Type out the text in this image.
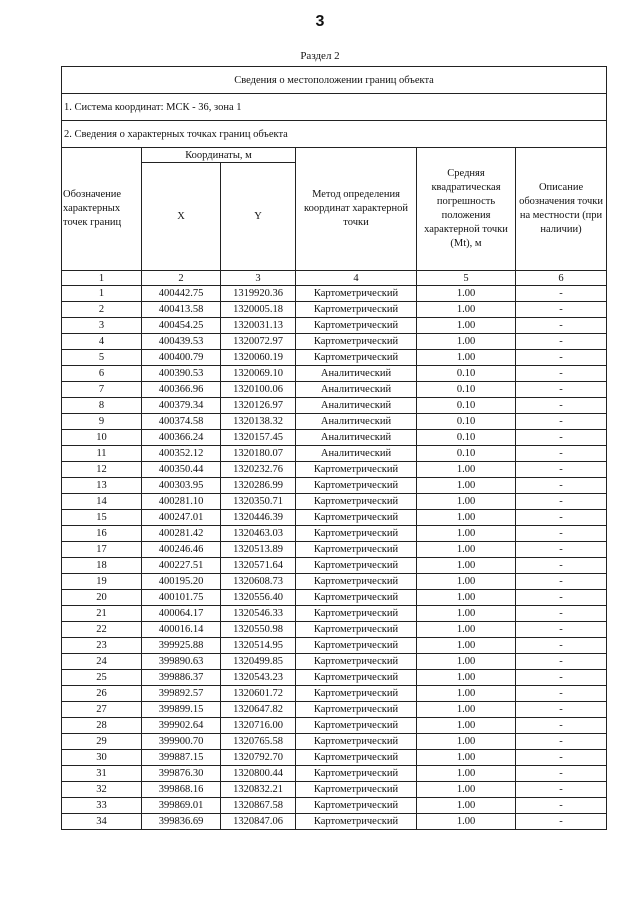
3
Раздел 2
Сведения о местоположении границ объекта					
1. Система координат: МСК - 36, зона 1					
2. Сведения о характерных точках границ объекта					
Обозначение характерных точек границ	Координаты, м		Метод определения координат характерной точки	Средняя квадратическая погрешность положения характерной точки (Mt), м	Описание обозначения точки на местности (при наличии)
	X	Y			
1	2	3	4	5	6
1	400442.75	1319920.36	Картометрический	1.00	-
2	400413.58	1320005.18	Картометрический	1.00	-
3	400454.25	1320031.13	Картометрический	1.00	-
4	400439.53	1320072.97	Картометрический	1.00	-
5	400400.79	1320060.19	Картометрический	1.00	-
6	400390.53	1320069.10	Аналитический	0.10	-
7	400366.96	1320100.06	Аналитический	0.10	-
8	400379.34	1320126.97	Аналитический	0.10	-
9	400374.58	1320138.32	Аналитический	0.10	-
10	400366.24	1320157.45	Аналитический	0.10	-
11	400352.12	1320180.07	Аналитический	0.10	-
12	400350.44	1320232.76	Картометрический	1.00	-
13	400303.95	1320286.99	Картометрический	1.00	-
14	400281.10	1320350.71	Картометрический	1.00	-
15	400247.01	1320446.39	Картометрический	1.00	-
16	400281.42	1320463.03	Картометрический	1.00	-
17	400246.46	1320513.89	Картометрический	1.00	-
18	400227.51	1320571.64	Картометрический	1.00	-
19	400195.20	1320608.73	Картометрический	1.00	-
20	400101.75	1320556.40	Картометрический	1.00	-
21	400064.17	1320546.33	Картометрический	1.00	-
22	400016.14	1320550.98	Картометрический	1.00	-
23	399925.88	1320514.95	Картометрический	1.00	-
24	399890.63	1320499.85	Картометрический	1.00	-
25	399886.37	1320543.23	Картометрический	1.00	-
26	399892.57	1320601.72	Картометрический	1.00	-
27	399899.15	1320647.82	Картометрический	1.00	-
28	399902.64	1320716.00	Картометрический	1.00	-
29	399900.70	1320765.58	Картометрический	1.00	-
30	399887.15	1320792.70	Картометрический	1.00	-
31	399876.30	1320800.44	Картометрический	1.00	-
32	399868.16	1320832.21	Картометрический	1.00	-
33	399869.01	1320867.58	Картометрический	1.00	-
34	399836.69	1320847.06	Картометрический	1.00	-
